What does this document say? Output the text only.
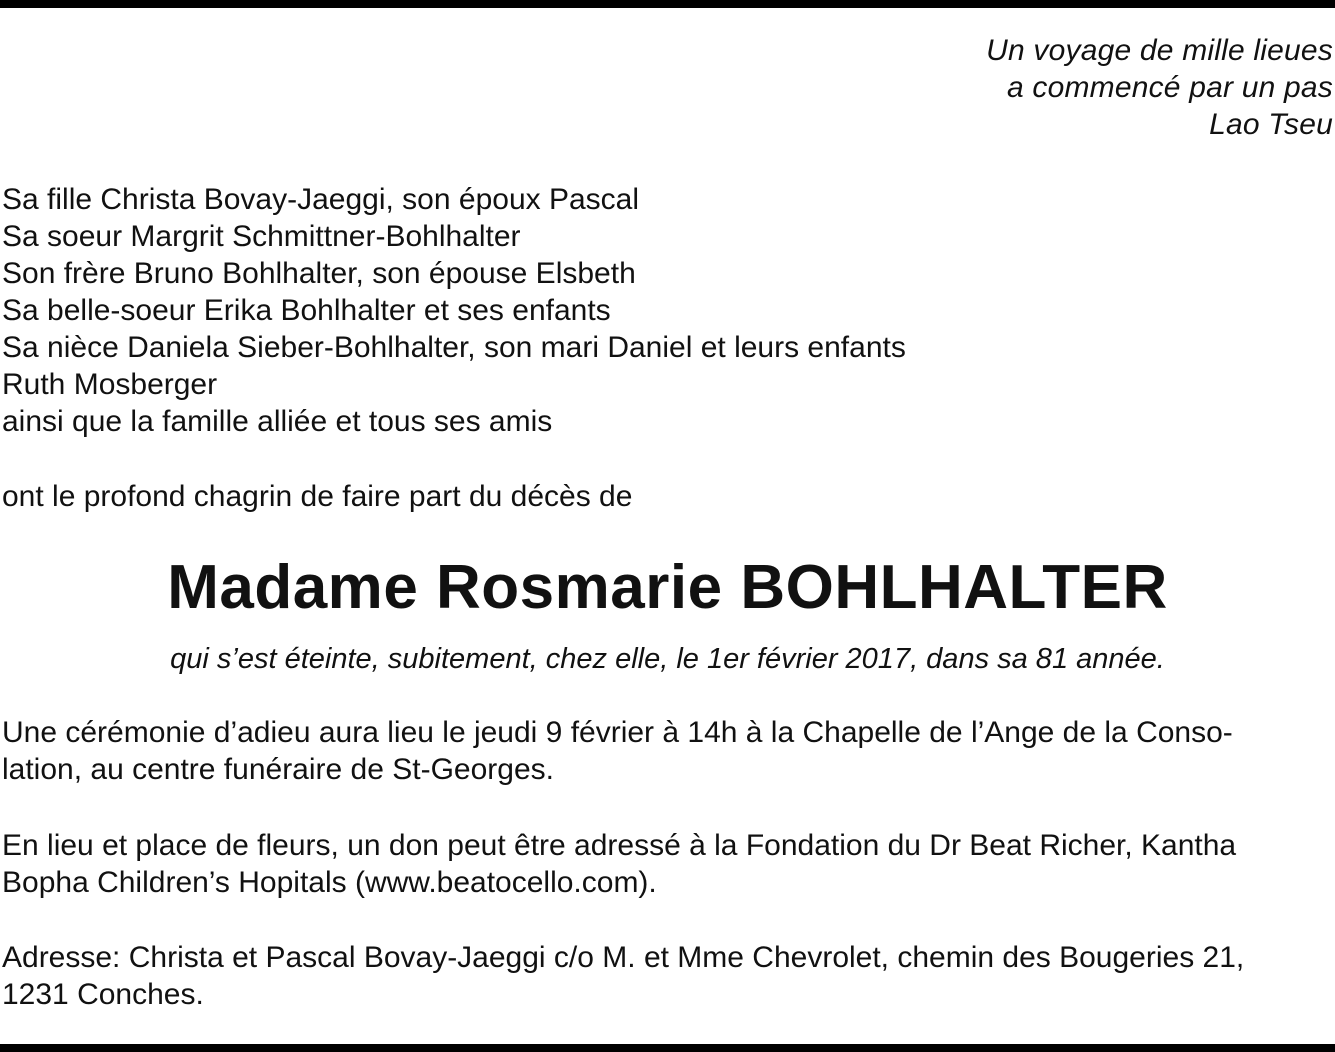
Un voyage de mille lieues
a commencé par un pas
Lao Tseu
Sa fille Christa Bovay-Jaeggi, son époux Pascal
Sa soeur Margrit Schmittner-Bohlhalter
Son frère Bruno Bohlhalter, son épouse Elsbeth
Sa belle-soeur Erika Bohlhalter et ses enfants
Sa nièce Daniela Sieber-Bohlhalter, son mari Daniel et leurs enfants
Ruth Mosberger
ainsi que la famille alliée et tous ses amis
ont le profond chagrin de faire part du décès de
Madame Rosmarie BOHLHALTER
qui s’est éteinte, subitement, chez elle, le 1er février 2017, dans sa 81 année.
Une cérémonie d’adieu aura lieu le jeudi 9 février à 14h à la Chapelle de l’Ange de la Conso-
lation, au centre funéraire de St-Georges.
En lieu et place de fleurs, un don peut être adressé à la Fondation du Dr Beat Richer, Kantha
Bopha Children’s Hopitals (www.beatocello.com).
Adresse: Christa et Pascal Bovay-Jaeggi c/o M. et Mme Chevrolet, chemin des Bougeries 21,
1231 Conches.
